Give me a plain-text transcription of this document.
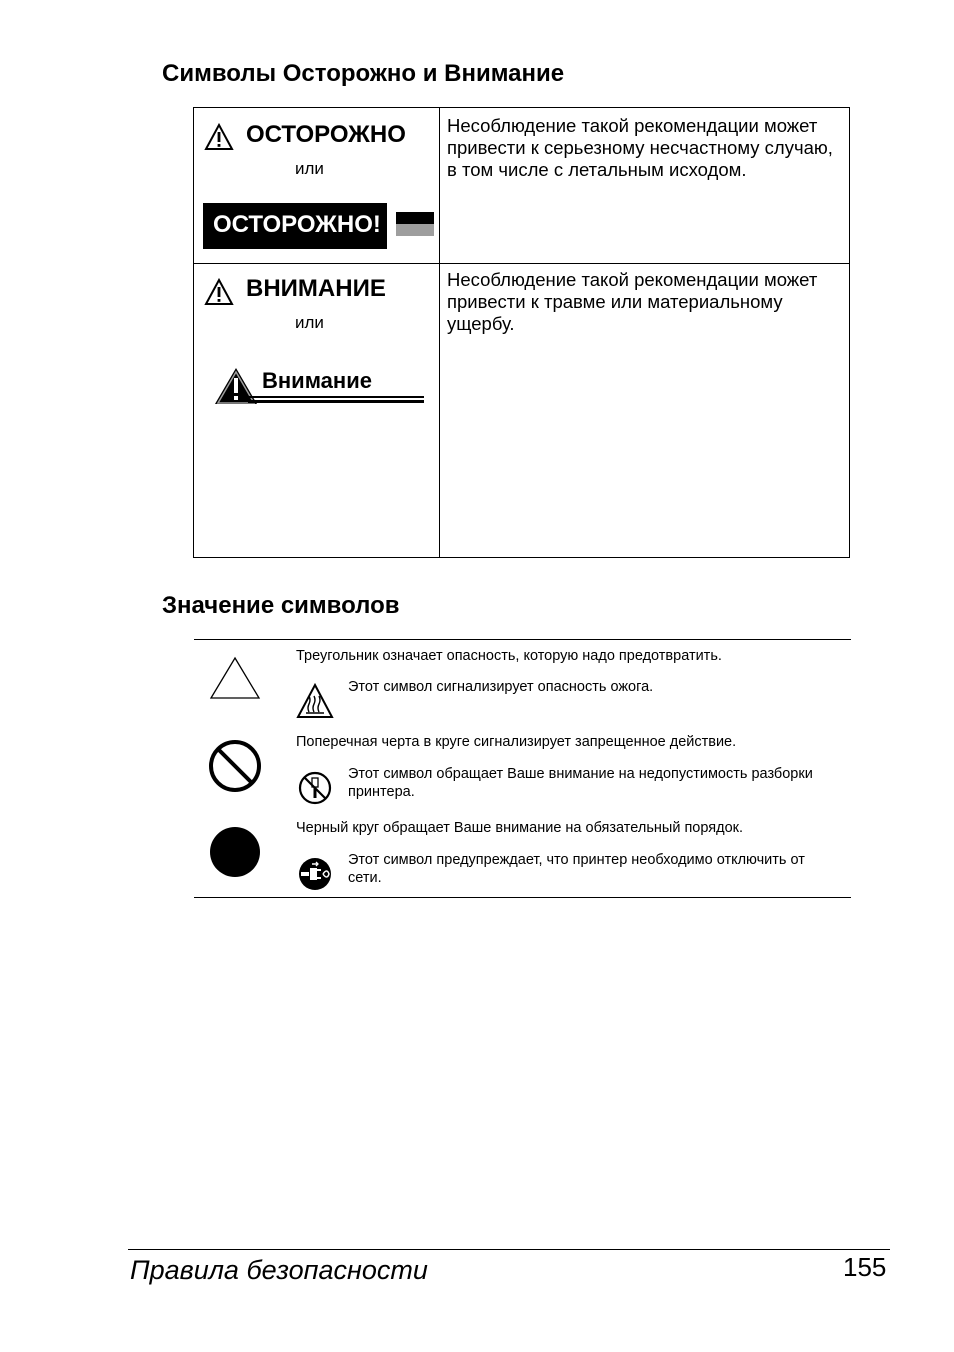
Символы Осторожно и Внимание
ОСТОРОЖНО
или
ОСТОРОЖНО!
Несоблюдение такой рекомендации может привести к серьезному несчастному случаю, в том числе с летальным исходом.
ВНИМАНИЕ
или
Внимание
Несоблюдение такой рекомендации может привести к травме или материальному ущербу.
Значение символов
Треугольник означает опасность, которую надо предотвратить.
Этот символ сигнализирует опасность ожога.
Поперечная черта в круге сигнализирует запрещенное действие.
Этот символ обращает Ваше внимание на недопустимость разборки принтера.
Черный круг обращает Ваше внимание на обязательный порядок.
Этот символ предупреждает, что принтер необходимо отключить от сети.
Правила безопасности	155
